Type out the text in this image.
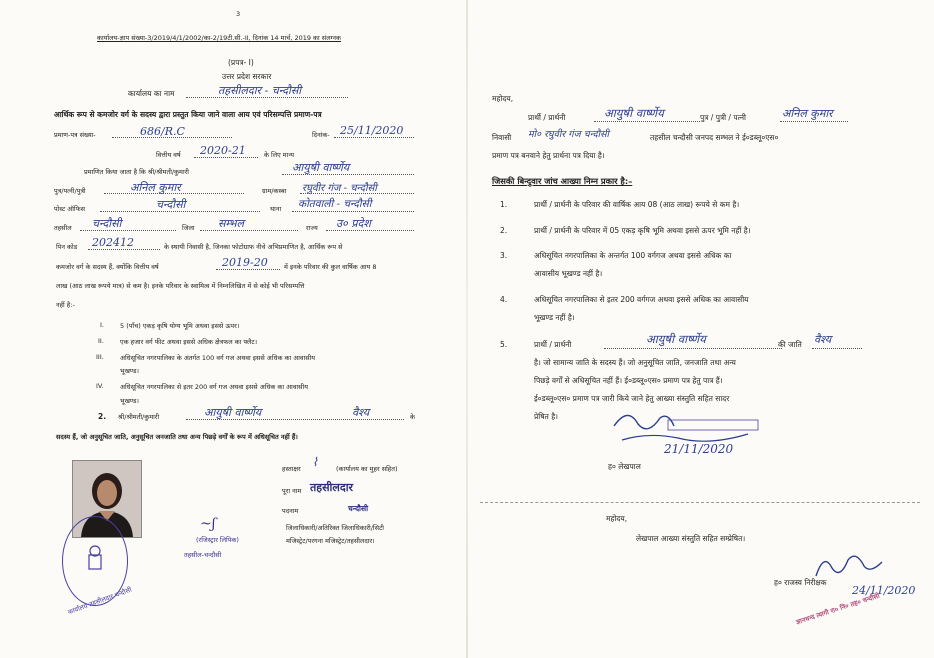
3
कार्यालय-ज्ञाप संख्या-3/2019/4/1/2002/का-2/19टी.सी.-II, दिनांक 14 मार्च, 2019 का संलग्नक
(प्रपत्र- I)
उत्तर प्रदेश सरकार
कार्यालय का नाम	तहसीलदार - चन्दौसी
आर्थिक रूप से कमजोर वर्ग के सदस्य द्वारा प्रस्तुत किया जाने वाला आय एवं परिसम्पत्ति प्रमाण-पत्र
प्रमाण-पत्र संख्या-	686/R.C	दिनांक- 25/11/2020
वित्तीय वर्ष 2020-21	के लिए मान्य
प्रमाणित किया जाता है कि श्री/श्रीमती/कुमारी	आयुषी वार्ष्णेय
पुत्र/पत्नी/पुत्री	अनिल कुमार	ग्राम/कस्बा रघुवीर गंज - चन्दौसी
पोस्ट ऑफिस	चन्दौसी	थाना कोतवाली - चन्दौसी
तहसील चन्दौसी	जिला सम्भल	राज्य उ० प्रदेश
पिन कोड 202412	के स्थायी निवासी है, जिनका फोटोग्राफ नीचे अभिप्रमाणित है, आर्थिक रूप से
कमजोर वर्ग के सदस्य हैं, क्योंकि वित्तीय वर्ष	2019-20	में इनके परिवार की कुल वार्षिक आय 8
लाख (आठ लाख रूपये मात्र) से कम है। इनके परिवार के स्वामित्व में निम्नलिखित में से कोई भी परिसम्पत्ति
नहीं है:-
I. 5 (पाँच) एकड़ कृषि योग्य भूमि अथवा इससे ऊपर।
II. एक हजार वर्ग फीट अथवा इससे अधिक क्षेत्रफल का फ्लैट।
III. अधिसूचित नगरपालिका के अंतर्गत 100 वर्ग गज अथवा इससे अधिक का आवासीय
भूखण्ड।
IV.	अधिसूचित नगरपालिका से इतर 200 वर्ग गज अथवा इससे अधिक का आवासीय
भूखण्ड।
2. श्री/श्रीमती/कुमारी	आयुषी वार्ष्णेय	वैश्य	के
सदस्य हैं, जो अनुसूचित जाति, अनुसूचित जनजाति तथा अन्य पिछड़े वर्गों के रूप में अधिसूचित नहीं हैं।
कार्यालय तहसीलदार चन्दौसी
~ʃ
(रजिस्ट्रार लिपिक)
तहसील-चन्दौसी
हस्ताक्षर ⌇	(कार्यालय का मुहर सहित)
पूरा नाम तहसीलदार
पदनाम	चन्दौसी
जिलाधिकारी/अतिरिक्त जिलाधिकारी/सिटी
मजिस्ट्रेट/परगना मजिस्ट्रेट/तहसीलदार।
महोदय,
प्रार्थी / प्रार्थनी	आयुषी वार्ष्णेय	पुत्र / पुत्री / पत्नी	अनिल कुमार
निवासी मो० रघुवीर गंज चन्दौसी	तहसील चन्दौसी जनपद सम्भल ने ई०डब्लू०एस०
प्रमाण पत्र बनवाने हेतु प्रार्थना पत्र दिया है।
जिसकी बिन्दुवार जांच आख्या निम्न प्रकार है:–
1.	प्रार्थी / प्रार्थनी के परिवार की वार्षिक आय 08 (आठ लाख) रूपये से कम है।
2.	प्रार्थी / प्रार्थनी के परिवार में 05 एकड़ कृषि भूमि अथवा इससे ऊपर भूमि नहीं है।
3.	अधिसूचित नगरपालिका के अन्तर्गत 100 वर्गगज अथवा इससे अधिक का
आवासीय भूखण्ड नहीं है।
4.	अधिसूचित नगरपालिका से इतर 200 वर्गगज अथवा इससे अधिक का आवासीय
भूखण्ड नहीं है।
5.	प्रार्थी / प्रार्थनी	आयुषी वार्ष्णेय	की जाति वैश्य
है। जो सामान्य जाति के सदस्य हैं। जो अनुसूचित जाति, जनजाति तथा अन्य
पिछड़े वर्गों से अधिसूचित नहीं हैं। ई०डब्लू०एस० प्रमाण पत्र हेतु पात्र हैं।
ई०डब्लू०एस० प्रमाण पत्र जारी किये जाने हेतु आख्या संस्तुति सहित सादर
प्रेषित है।
ह० लेखपाल
21/11/2020
महोदय,
लेखपाल आख्या संस्तुति सहित सम्प्रेषित।
ह० राजस्व निरीक्षक
24/11/2020
ज्ञानचन्द त्यागी रा० नि० तह० चन्दौसी
